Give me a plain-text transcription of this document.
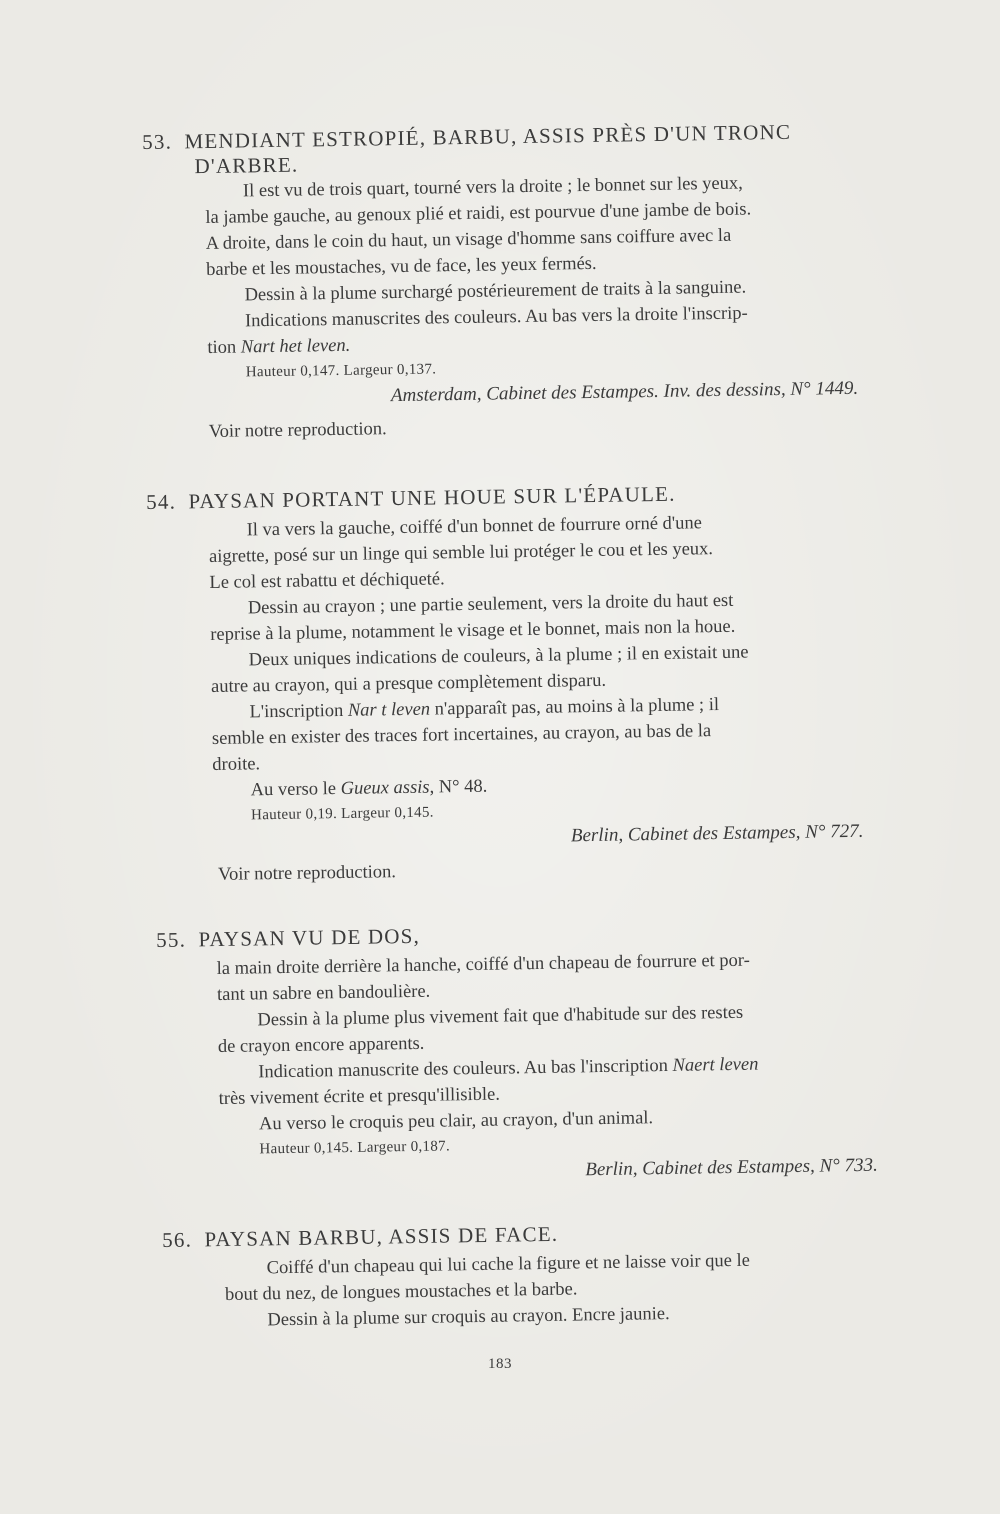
53. MENDIANT ESTROPIÉ, BARBU, ASSIS PRÈS D'UN TRONC
D'ARBRE.

Il est vu de trois quart, tourné vers la droite ; le bonnet sur les yeux,

la jambe gauche, au genoux plié et raidi, est pourvue d'une jambe de bois.

A droite, dans le coin du haut, un visage d'homme sans coiffure avec la

barbe et les moustaches, vu de face, les yeux fermés.

Dessin à la plume surchargé postérieurement de traits à la sanguine.

Indications manuscrites des couleurs. Au bas vers la droite l'inscrip-

tion Nart het leven.

Hauteur 0,147. Largeur 0,137.

Amsterdam, Cabinet des Estampes. Inv. des dessins, N° 1449.

Voir notre reproduction.

54. PAYSAN PORTANT UNE HOUE SUR L'ÉPAULE.

Il va vers la gauche, coiffé d'un bonnet de fourrure orné d'une

aigrette, posé sur un linge qui semble lui protéger le cou et les yeux.

Le col est rabattu et déchiqueté.

Dessin au crayon ; une partie seulement, vers la droite du haut est

reprise à la plume, notamment le visage et le bonnet, mais non la houe.

Deux uniques indications de couleurs, à la plume ; il en existait une

autre au crayon, qui a presque complètement disparu.

L'inscription Nar t leven n'apparaît pas, au moins à la plume ; il

semble en exister des traces fort incertaines, au crayon, au bas de la

droite.

Au verso le Gueux assis, N° 48.

Hauteur 0,19. Largeur 0,145.

Berlin, Cabinet des Estampes, N° 727.

Voir notre reproduction.

55. PAYSAN VU DE DOS,

la main droite derrière la hanche, coiffé d'un chapeau de fourrure et por-

tant un sabre en bandoulière.

Dessin à la plume plus vivement fait que d'habitude sur des restes

de crayon encore apparents.

Indication manuscrite des couleurs. Au bas l'inscription Naert leven

très vivement écrite et presqu'illisible.

Au verso le croquis peu clair, au crayon, d'un animal.

Hauteur 0,145. Largeur 0,187.

Berlin, Cabinet des Estampes, N° 733.

56. PAYSAN BARBU, ASSIS DE FACE.

Coiffé d'un chapeau qui lui cache la figure et ne laisse voir que le

bout du nez, de longues moustaches et la barbe.

Dessin à la plume sur croquis au crayon. Encre jaunie.

183
